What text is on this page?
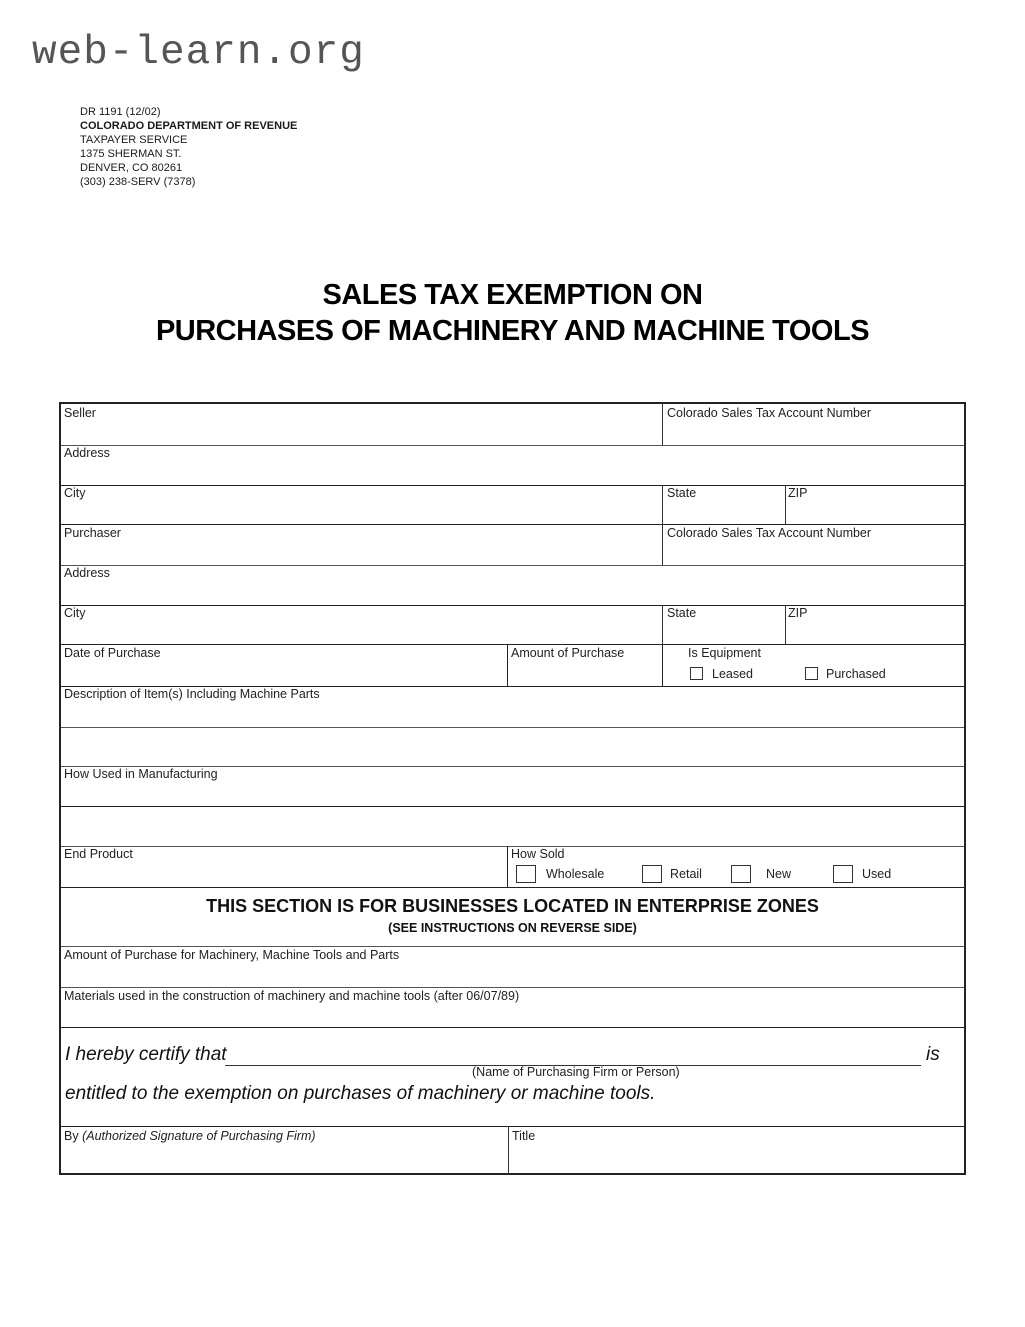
web-learn.org
DR 1191 (12/02)
COLORADO DEPARTMENT OF REVENUE
TAXPAYER SERVICE
1375 SHERMAN ST.
DENVER, CO 80261
(303) 238-SERV (7378)
SALES TAX EXEMPTION ON
PURCHASES OF MACHINERY AND MACHINE TOOLS
Seller	Colorado Sales Tax Account Number
Address
City	State	ZIP
Purchaser	Colorado Sales Tax Account Number
Address
City	State	ZIP
Date of Purchase	Amount of Purchase	Is Equipment
Leased	Purchased
Description of Item(s) Including Machine Parts
How Used in Manufacturing
End Product	How Sold
Wholesale	Retail	New	Used
THIS SECTION IS FOR BUSINESSES LOCATED IN ENTERPRISE ZONES
(SEE INSTRUCTIONS ON REVERSE SIDE)
Amount of Purchase for Machinery, Machine Tools and Parts
Materials used in the construction of machinery and machine tools (after 06/07/89)
I hereby certify that	is
(Name of Purchasing Firm or Person)
entitled to the exemption on purchases of machinery or machine tools.
By (Authorized Signature of Purchasing Firm)	Title
